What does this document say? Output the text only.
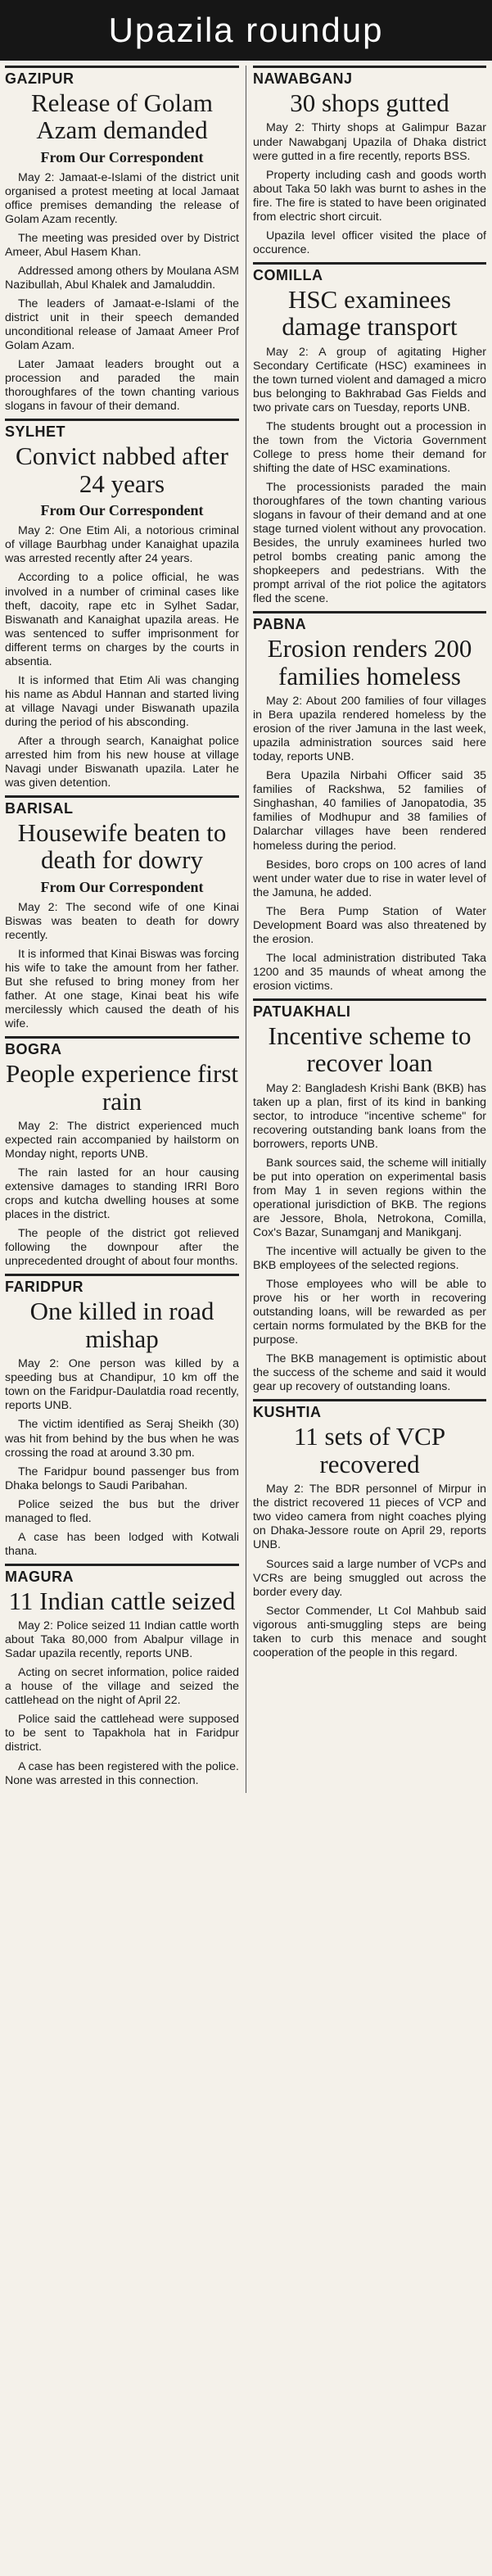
Upazila roundup
GAZIPUR
Release of Golam Azam demanded
From Our Correspondent

May 2: Jamaat-e-Islami of the district unit organised a protest meeting at local Jamaat office premises demanding the release of Golam Azam recently.

The meeting was presided over by District Ameer, Abul Hasem Khan.

Addressed among others by Moulana ASM Nazibullah, Abul Khalek and Jamaluddin.

The leaders of Jamaat-e-Islami of the district unit in their speech demanded unconditional release of Jamaat Ameer Prof Golam Azam.

Later Jamaat leaders brought out a procession and paraded the main thoroughfares of the town chanting various slogans in favour of their demand.

SYLHET
Convict nabbed after 24 years
From Our Correspondent

May 2: One Etim Ali, a notorious criminal of village Baurbhag under Kanaighat upazila was arrested recently after 24 years.

According to a police official, he was involved in a number of criminal cases like theft, dacoity, rape etc in Sylhet Sadar, Biswanath and Kanaighat upazila areas. He was sentenced to suffer imprisonment for different terms on charges by the courts in absentia.

It is informed that Etim Ali was changing his name as Abdul Hannan and started living at village Navagi under Biswanath upazila during the period of his absconding.

After a through search, Kanaighat police arrested him from his new house at village Navagi under Biswanath upazila. Later he was given detention.

BARISAL
Housewife beaten to death for dowry
From Our Correspondent

May 2: The second wife of one Kinai Biswas was beaten to death for dowry recently.

It is informed that Kinai Biswas was forcing his wife to take the amount from her father. But she refused to bring money from her father. At one stage, Kinai beat his wife mercilessly which caused the death of his wife.

BOGRA
People experience first rain

May 2: The district experienced much expected rain accompanied by hailstorm on Monday night, reports UNB.

The rain lasted for an hour causing extensive damages to standing IRRI Boro crops and kutcha dwelling houses at some places in the district.

The people of the district got relieved following the downpour after the unprecedented drought of about four months.

FARIDPUR
One killed in road mishap

May 2: One person was killed by a speeding bus at Chandipur, 10 km off the town on the Faridpur-Daulatdia road recently, reports UNB.

The victim identified as Seraj Sheikh (30) was hit from behind by the bus when he was crossing the road at around 3.30 pm.

The Faridpur bound passenger bus from Dhaka belongs to Saudi Paribahan.

Police seized the bus but the driver managed to fled.

A case has been lodged with Kotwali thana.

MAGURA
11 Indian cattle seized

May 2: Police seized 11 Indian cattle worth about Taka 80,000 from Abalpur village in Sadar upazila recently, reports UNB.

Acting on secret information, police raided a house of the village and seized the cattlehead on the night of April 22.

Police said the cattlehead were supposed to be sent to Tapakhola hat in Faridpur district.

A case has been registered with the police. None was arrested in this connection.

NAWABGANJ
30 shops gutted

May 2: Thirty shops at Galimpur Bazar under Nawabganj Upazila of Dhaka district were gutted in a fire recently, reports BSS.

Property including cash and goods worth about Taka 50 lakh was burnt to ashes in the fire. The fire is stated to have been originated from electric short circuit.

Upazila level officer visited the place of occurence.

COMILLA
HSC examinees damage transport

May 2: A group of agitating Higher Secondary Certificate (HSC) examinees in the town turned violent and damaged a micro bus belonging to Bakhrabad Gas Fields and two private cars on Tuesday, reports UNB.

The students brought out a procession in the town from the Victoria Government College to press home their demand for shifting the date of HSC examinations.

The processionists paraded the main thoroughfares of the town chanting various slogans in favour of their demand and at one stage turned violent without any provocation. Besides, the unruly examinees hurled two petrol bombs creating panic among the shopkeepers and pedestrians. With the prompt arrival of the riot police the agitators fled the scene.

PABNA
Erosion renders 200 families homeless

May 2: About 200 families of four villages in Bera upazila rendered homeless by the erosion of the river Jamuna in the last week, upazila administration sources said here today, reports UNB.

Bera Upazila Nirbahi Officer said 35 families of Rackshwa, 52 families of Singhashan, 40 families of Janopatodia, 35 families of Modhupur and 38 families of Dalarchar villages have been rendered homeless during the period.

Besides, boro crops on 100 acres of land went under water due to rise in water level of the Jamuna, he added.

The Bera Pump Station of Water Development Board was also threatened by the erosion.

The local administration distributed Taka 1200 and 35 maunds of wheat among the erosion victims.

PATUAKHALI
Incentive scheme to recover loan

May 2: Bangladesh Krishi Bank (BKB) has taken up a plan, first of its kind in banking sector, to introduce "incentive scheme" for recovering outstanding bank loans from the borrowers, reports UNB.

Bank sources said, the scheme will initially be put into operation on experimental basis from May 1 in seven regions within the operational jurisdiction of BKB. The regions are Jessore, Bhola, Netrokona, Comilla, Cox's Bazar, Sunamganj and Manikganj.

The incentive will actually be given to the BKB employees of the selected regions.

Those employees who will be able to prove his or her worth in recovering outstanding loans, will be rewarded as per certain norms formulated by the BKB for the purpose.

The BKB management is optimistic about the success of the scheme and said it would gear up recovery of outstanding loans.

KUSHTIA
11 sets of VCP recovered

May 2: The BDR personnel of Mirpur in the district recovered 11 pieces of VCP and two video camera from night coaches plying on Dhaka-Jessore route on April 29, reports UNB.

Sources said a large number of VCPs and VCRs are being smuggled out across the border every day.

Sector Commender, Lt Col Mahbub said vigorous anti-smuggling steps are being taken to curb this menace and sought cooperation of the people in this regard.
